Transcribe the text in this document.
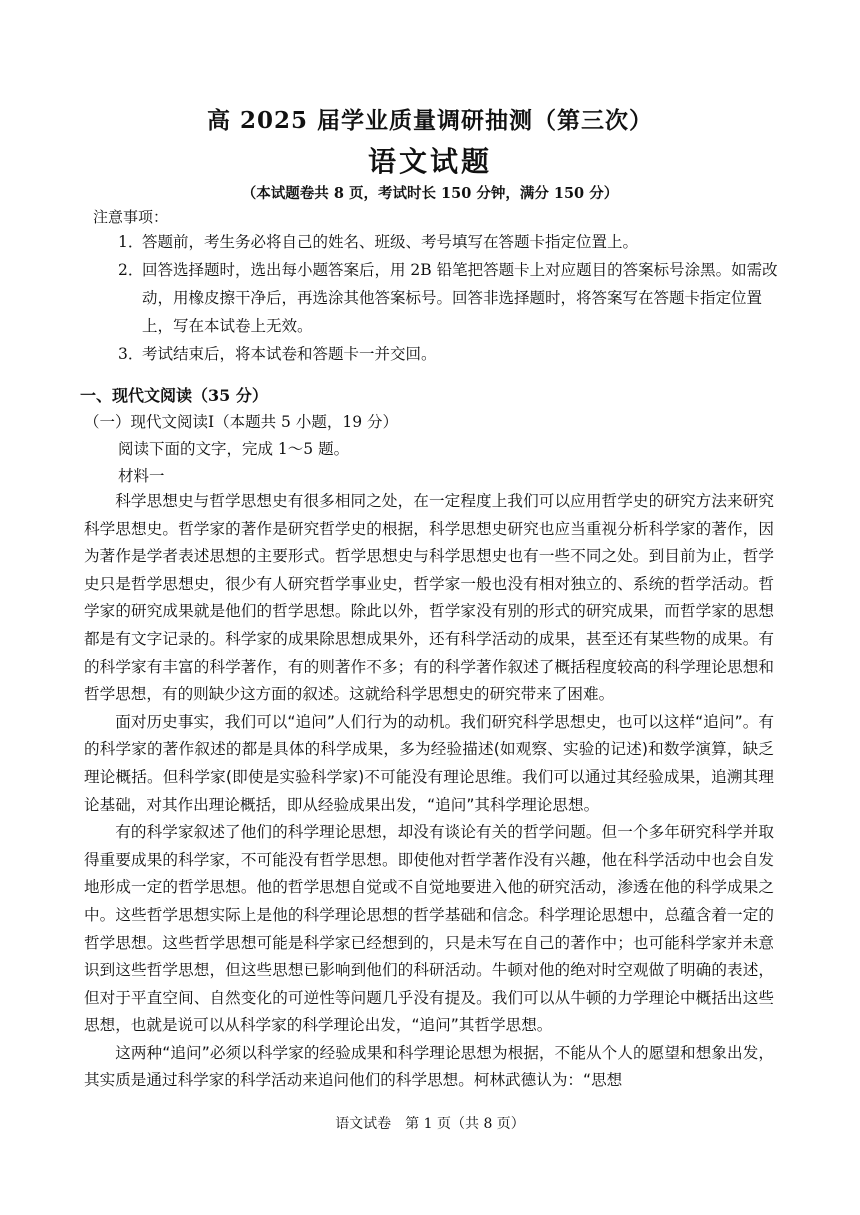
高 2025 届学业质量调研抽测（第三次）
语文试题
（本试题卷共 8 页，考试时长 150 分钟，满分 150 分）
注意事项：
1．
答题前，考生务必将自己的姓名、班级、考号填写在答题卡指定位置上。
2．
回答选择题时，选出每小题答案后，用 2B 铅笔把答题卡上对应题目的答案标号涂黑。如需改动，用橡皮擦干净后，再选涂其他答案标号。回答非选择题时，将答案写在答题卡指定位置上，写在本试卷上无效。
3．
考试结束后，将本试卷和答题卡一并交回。
一、现代文阅读（35 分）
（一）现代文阅读Ⅰ（本题共 5 小题，19 分）
阅读下面的文字，完成 1～5 题。
材料一

科学思想史与哲学思想史有很多相同之处，在一定程度上我们可以应用哲学史的研究方法来研究科学思想史。哲学家的著作是研究哲学史的根据，科学思想史研究也应当重视分析科学家的著作，因为著作是学者表述思想的主要形式。哲学思想史与科学思想史也有一些不同之处。到目前为止，哲学史只是哲学思想史，很少有人研究哲学事业史，哲学家一般也没有相对独立的、系统的哲学活动。哲学家的研究成果就是他们的哲学思想。除此以外，哲学家没有别的形式的研究成果，而哲学家的思想都是有文字记录的。科学家的成果除思想成果外，还有科学活动的成果，甚至还有某些物的成果。有的科学家有丰富的科学著作，有的则著作不多；有的科学著作叙述了概括程度较高的科学理论思想和哲学思想，有的则缺少这方面的叙述。这就给科学思想史的研究带来了困难。

面对历史事实，我们可以“追问”人们行为的动机。我们研究科学思想史，也可以这样“追问”。有的科学家的著作叙述的都是具体的科学成果，多为经验描述(如观察、实验的记述)和数学演算，缺乏理论概括。但科学家(即使是实验科学家)不可能没有理论思维。我们可以通过其经验成果，追溯其理论基础，对其作出理论概括，即从经验成果出发，“追问”其科学理论思想。

有的科学家叙述了他们的科学理论思想，却没有谈论有关的哲学问题。但一个多年研究科学并取得重要成果的科学家，不可能没有哲学思想。即使他对哲学著作没有兴趣，他在科学活动中也会自发地形成一定的哲学思想。他的哲学思想自觉或不自觉地要进入他的研究活动，渗透在他的科学成果之中。这些哲学思想实际上是他的科学理论思想的哲学基础和信念。科学理论思想中，总蕴含着一定的哲学思想。这些哲学思想可能是科学家已经想到的，只是未写在自己的著作中；也可能科学家并未意识到这些哲学思想，但这些思想已影响到他们的科研活动。牛顿对他的绝对时空观做了明确的表述，但对于平直空间、自然变化的可逆性等问题几乎没有提及。我们可以从牛顿的力学理论中概括出这些思想，也就是说可以从科学家的科学理论出发，“追问”其哲学思想。

这两种“追问”必须以科学家的经验成果和科学理论思想为根据，不能从个人的愿望和想象出发，其实质是通过科学家的科学活动来追问他们的科学思想。柯林武德认为：“思想

语文试卷　第 1 页（共 8 页）
